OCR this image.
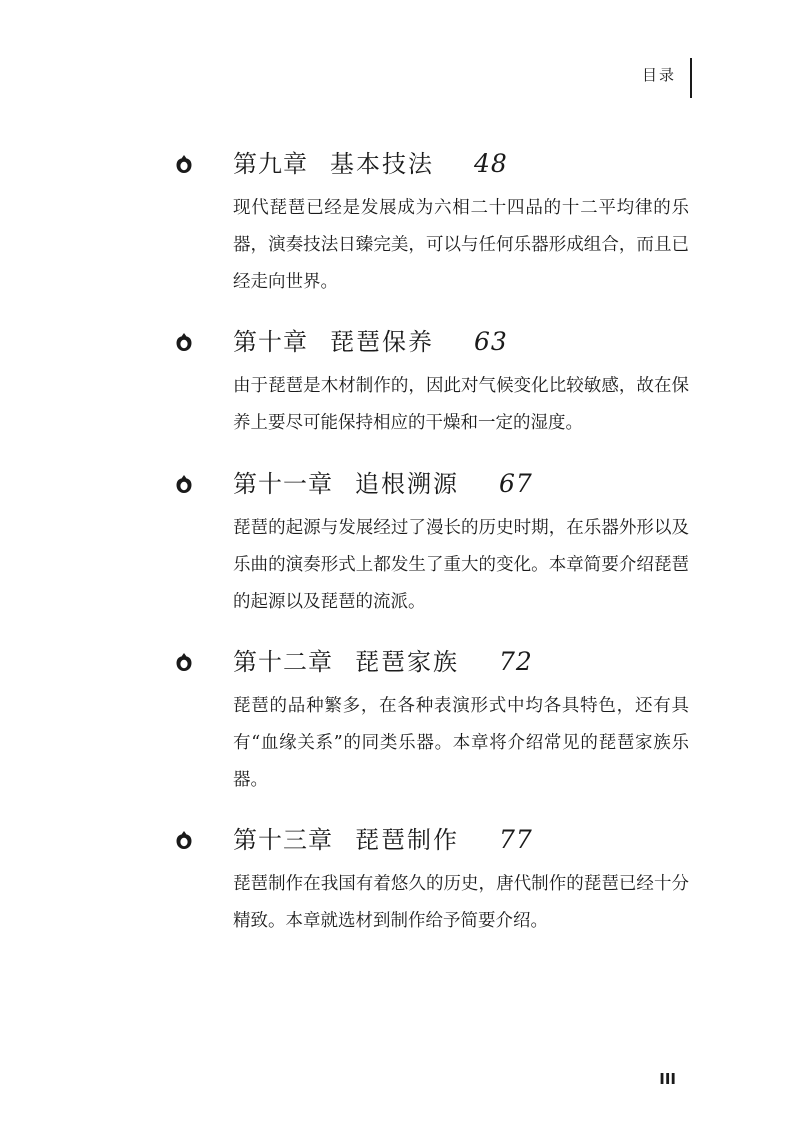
目录
第九章 基本技法 48

现代琵琶已经是发展成为六相二十四品的十二平均律的乐器，演奏技法日臻完美，可以与任何乐器形成组合，而且已经走向世界。

第十章 琵琶保养 63

由于琵琶是木材制作的，因此对气候变化比较敏感，故在保养上要尽可能保持相应的干燥和一定的湿度。

第十一章 追根溯源 67

琵琶的起源与发展经过了漫长的历史时期，在乐器外形以及乐曲的演奏形式上都发生了重大的变化。本章简要介绍琵琶的起源以及琵琶的流派。

第十二章 琵琶家族 72

琵琶的品种繁多，在各种表演形式中均各具特色，还有具有“血缘关系”的同类乐器。本章将介绍常见的琵琶家族乐器。

第十三章 琵琶制作 77

琵琶制作在我国有着悠久的历史，唐代制作的琵琶已经十分精致。本章就选材到制作给予简要介绍。

III
